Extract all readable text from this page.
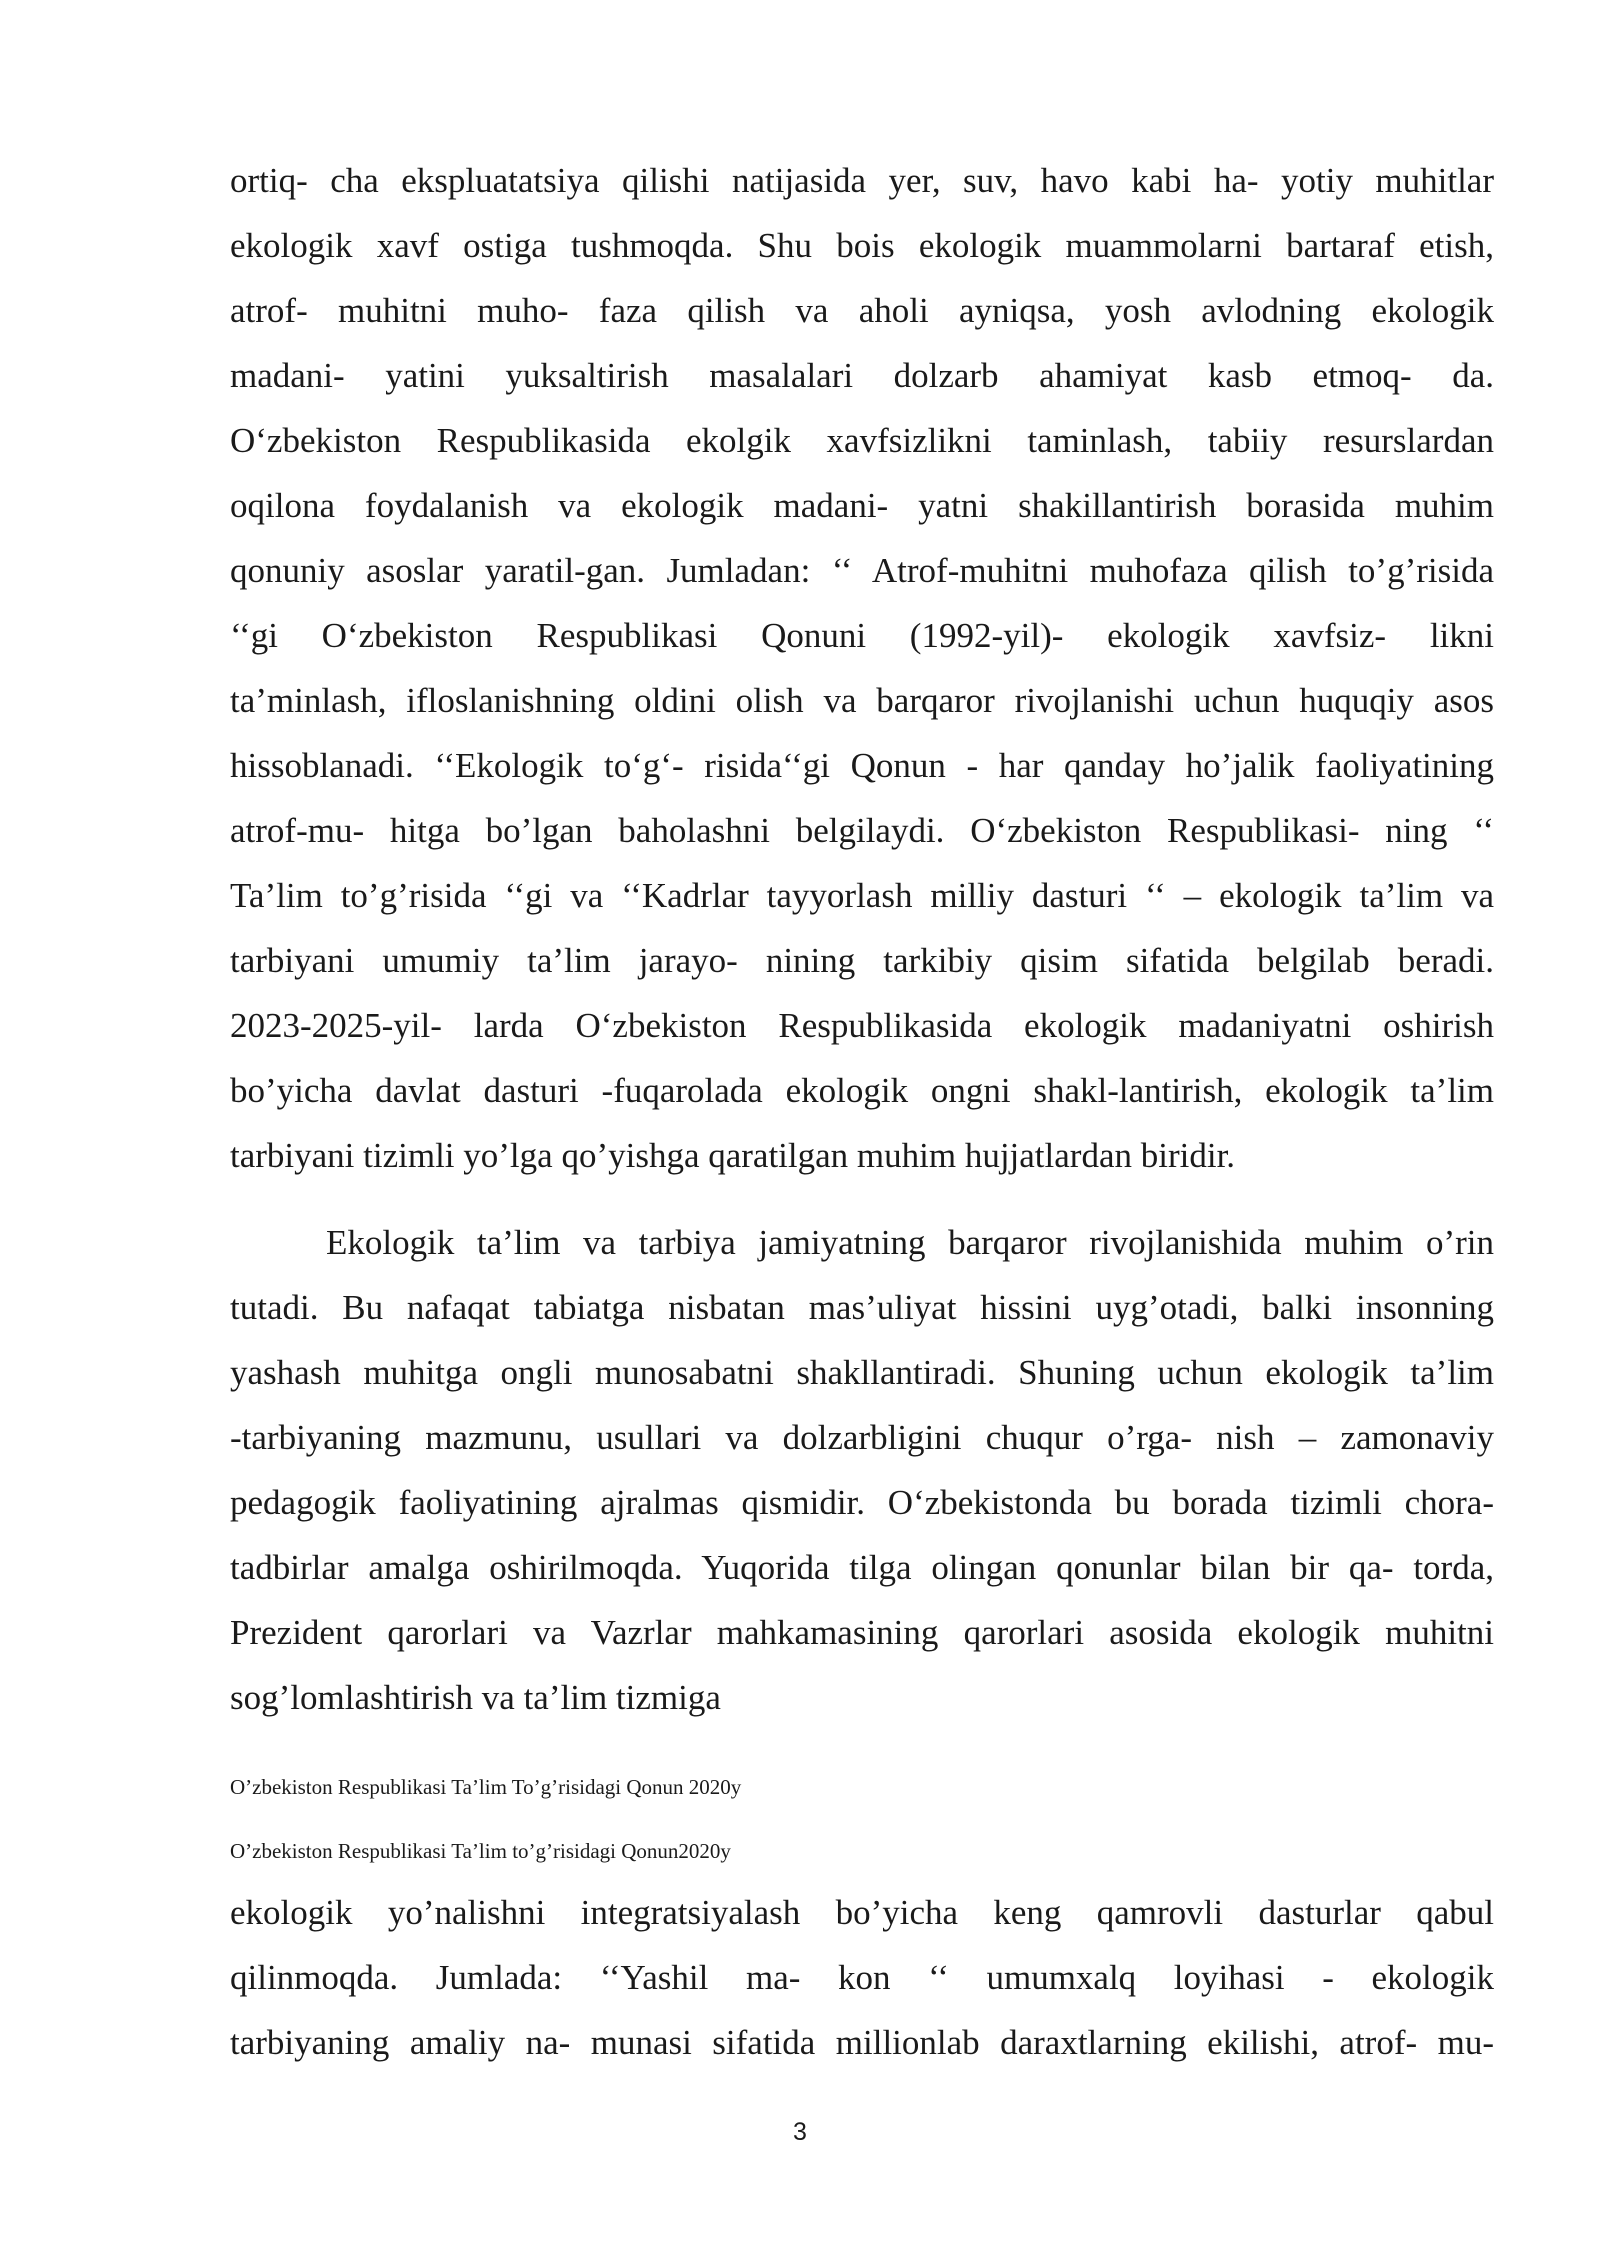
ortiq- cha ekspluatatsiya qilishi natijasida yer, suv, havo kabi ha- yotiy muhitlar
ekologik xavf ostiga tushmoqda. Shu bois ekologik muammolarni bartaraf etish,
atrof- muhitni muho- faza qilish va aholi ayniqsa, yosh avlodning ekologik
madani- yatini yuksaltirish masalalari dolzarb ahamiyat kasb etmoq- da.
O‘zbekiston Respublikasida ekolgik xavfsizlikni taminlash, tabiiy resurslardan
oqilona foydalanish va ekologik madani- yatni shakillantirish borasida muhim
qonuniy asoslar yaratil-gan. Jumladan: ‘‘ Atrof-muhitni muhofaza qilish to’g’risida
‘‘gi O‘zbekiston Respublikasi Qonuni (1992-yil)- ekologik xavfsiz- likni
ta’minlash, ifloslanishning oldini olish va barqaror rivojlanishi uchun huquqiy asos
hissoblanadi. ‘‘Ekologik to‘g‘- risida‘‘gi Qonun - har qanday ho’jalik faoliyatining
atrof-mu- hitga bo’lgan baholashni belgilaydi. O‘zbekiston Respublikasi- ning ‘‘
Ta’lim to’g’risida ‘‘gi va ‘‘Kadrlar tayyorlash milliy dasturi ‘‘ – ekologik ta’lim va
tarbiyani umumiy ta’lim jarayo- nining tarkibiy qisim sifatida belgilab beradi.
2023-2025-yil- larda O‘zbekiston Respublikasida ekologik madaniyatni oshirish
bo’yicha davlat dasturi -fuqarolada ekologik ongni shakl-lantirish, ekologik ta’lim
tarbiyani tizimli yo’lga qo’yishga qaratilgan muhim hujjatlardan biridir.
Ekologik ta’lim va tarbiya jamiyatning barqaror rivojlanishida muhim o’rin
tutadi. Bu nafaqat tabiatga nisbatan mas’uliyat hissini uyg’otadi, balki insonning
yashash muhitga ongli munosabatni shakllantiradi. Shuning uchun ekologik ta’lim
-tarbiyaning mazmunu, usullari va dolzarbligini chuqur o’rga- nish – zamonaviy
pedagogik faoliyatining ajralmas qismidir. O‘zbekistonda bu borada tizimli chora-
tadbirlar amalga oshirilmoqda. Yuqorida tilga olingan qonunlar bilan bir qa- torda,
Prezident qarorlari va Vazrlar mahkamasining qarorlari asosida ekologik muhitni
sog’lomlashtirish va ta’lim tizmiga
O’zbekiston Respublikasi Ta’lim To’g’risidagi Qonun 2020y
O’zbekiston Respublikasi Ta’lim to’g’risidagi Qonun2020y
ekologik yo’nalishni integratsiyalash bo’yicha keng qamrovli dasturlar qabul
qilinmoqda. Jumlada: ‘‘Yashil ma- kon ‘‘ umumxalq loyihasi - ekologik
tarbiyaning amaliy na- munasi sifatida millionlab daraxtlarning ekilishi, atrof- mu-
3
